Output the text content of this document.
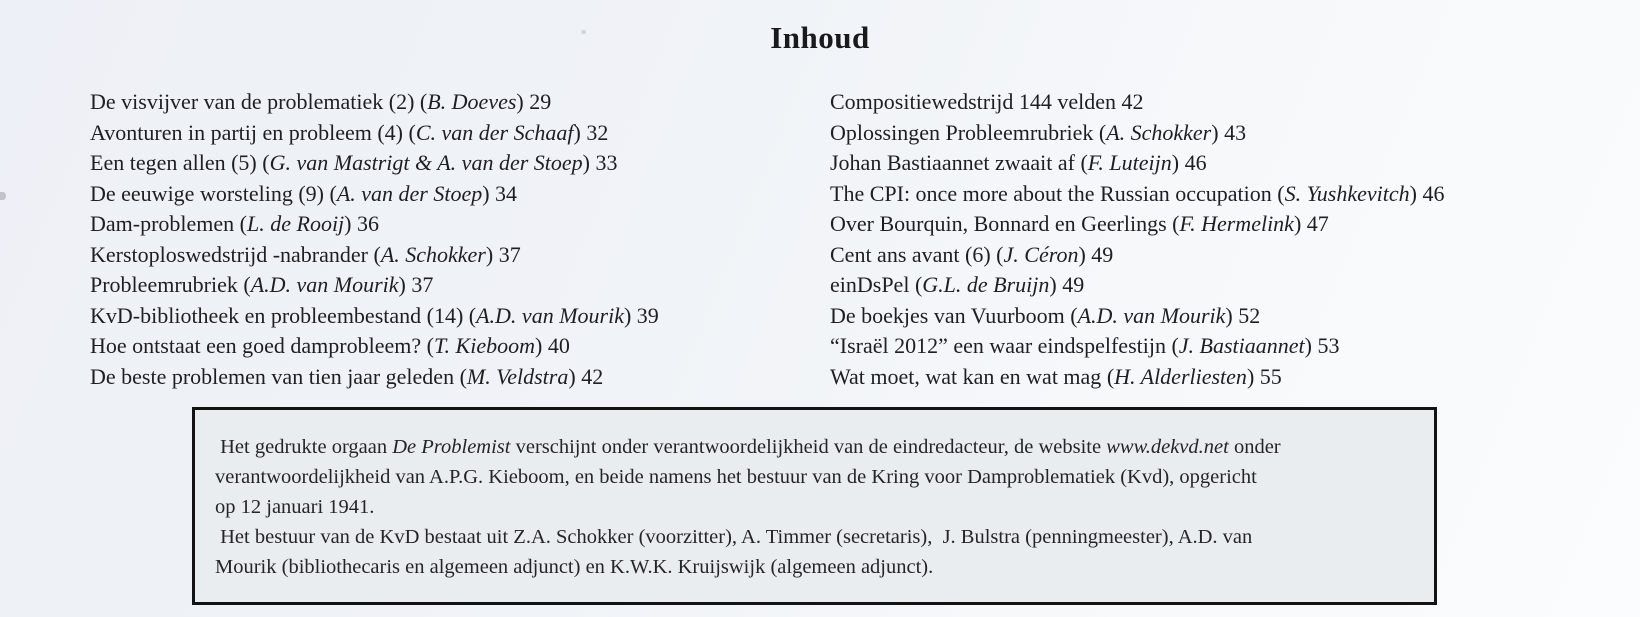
Inhoud
De visvijver van de problematiek (2) (B. Doeves) 29
Avonturen in partij en probleem (4) (C. van der Schaaf) 32
Een tegen allen (5) (G. van Mastrigt & A. van der Stoep) 33
De eeuwige worsteling (9) (A. van der Stoep) 34
Dam-problemen (L. de Rooij) 36
Kerstoploswedstrijd -nabrander (A. Schokker) 37
Probleemrubriek (A.D. van Mourik) 37
KvD-bibliotheek en probleembestand (14) (A.D. van Mourik) 39
Hoe ontstaat een goed damprobleem? (T. Kieboom) 40
De beste problemen van tien jaar geleden (M. Veldstra) 42
Compositiewedstrijd 144 velden 42
Oplossingen Probleemrubriek (A. Schokker) 43
Johan Bastiaannet zwaait af (F. Luteijn) 46
The CPI: once more about the Russian occupation (S. Yushkevitch) 46
Over Bourquin, Bonnard en Geerlings (F. Hermelink) 47
Cent ans avant (6) (J. Céron) 49
einDsPel (G.L. de Bruijn) 49
De boekjes van Vuurboom (A.D. van Mourik) 52
“Israël 2012” een waar eindspelfestijn (J. Bastiaannet) 53
Wat moet, wat kan en wat mag (H. Alderliesten) 55
Het gedrukte orgaan De Problemist verschijnt onder verantwoordelijkheid van de eindredacteur, de website www.dekvd.net onder
verantwoordelijkheid van A.P.G. Kieboom, en beide namens het bestuur van de Kring voor Damproblematiek (Kvd), opgericht
op 12 januari 1941.
Het bestuur van de KvD bestaat uit Z.A. Schokker (voorzitter), A. Timmer (secretaris),  J. Bulstra (penningmeester), A.D. van
Mourik (bibliothecaris en algemeen adjunct) en K.W.K. Kruijswijk (algemeen adjunct).
